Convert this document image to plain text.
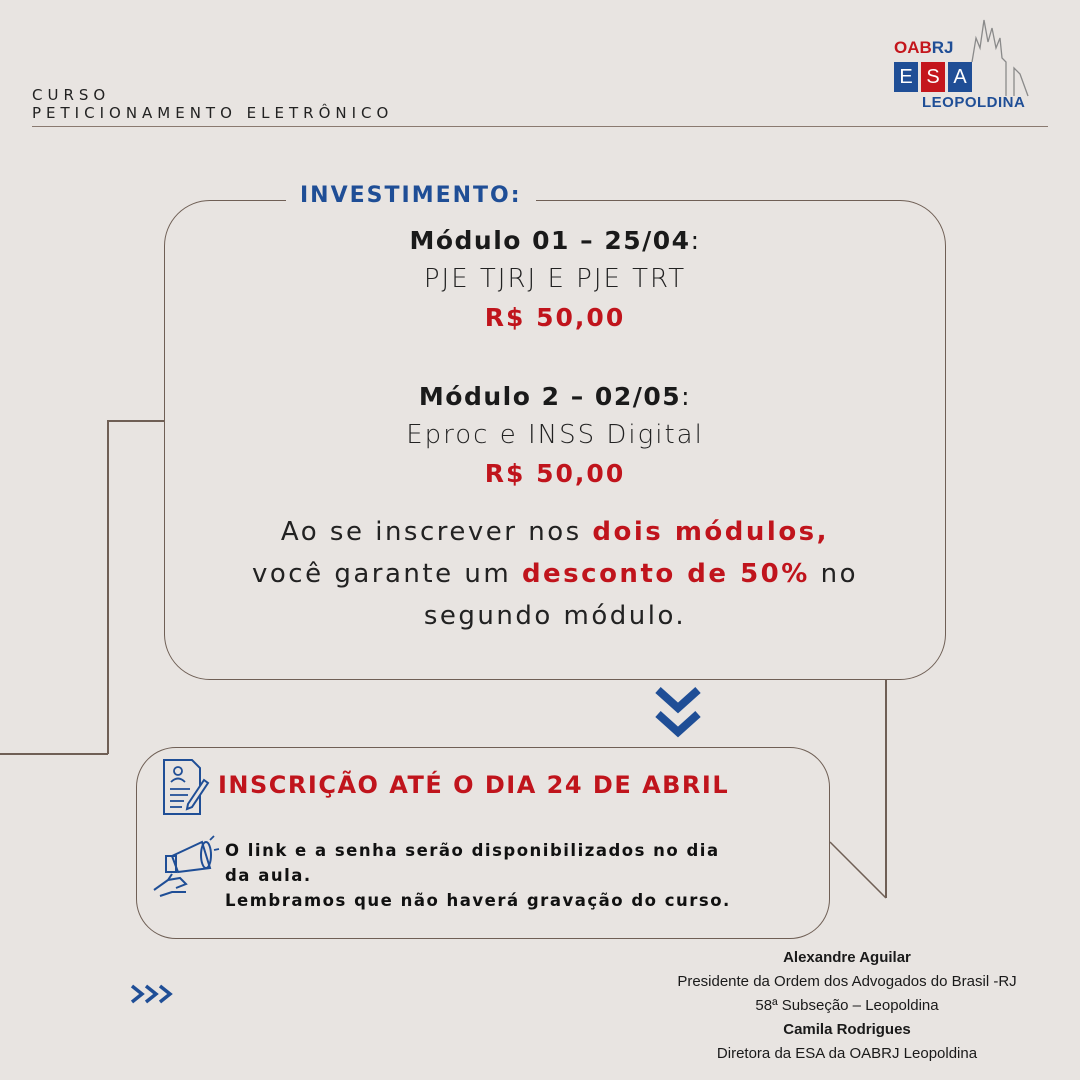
CURSO
PETICIONAMENTO ELETRÔNICO
OABRJ
E S A
LEOPOLDINA
INVESTIMENTO:
Módulo 01 – 25/04:
PJE TJRJ E PJE TRT
R$ 50,00
Módulo 2 – 02/05:
Eproc e INSS Digital
R$ 50,00
Ao se inscrever nos dois módulos,
você garante um desconto de 50% no
segundo módulo.
INSCRIÇÃO ATÉ O DIA 24 DE ABRIL
O link e a senha serão disponibilizados no dia
da aula.
Lembramos que não haverá gravação do curso.
Alexandre Aguilar
Presidente da Ordem dos Advogados do Brasil -RJ
58ª Subseção – Leopoldina
Camila Rodrigues
Diretora da ESA da OABRJ Leopoldina
